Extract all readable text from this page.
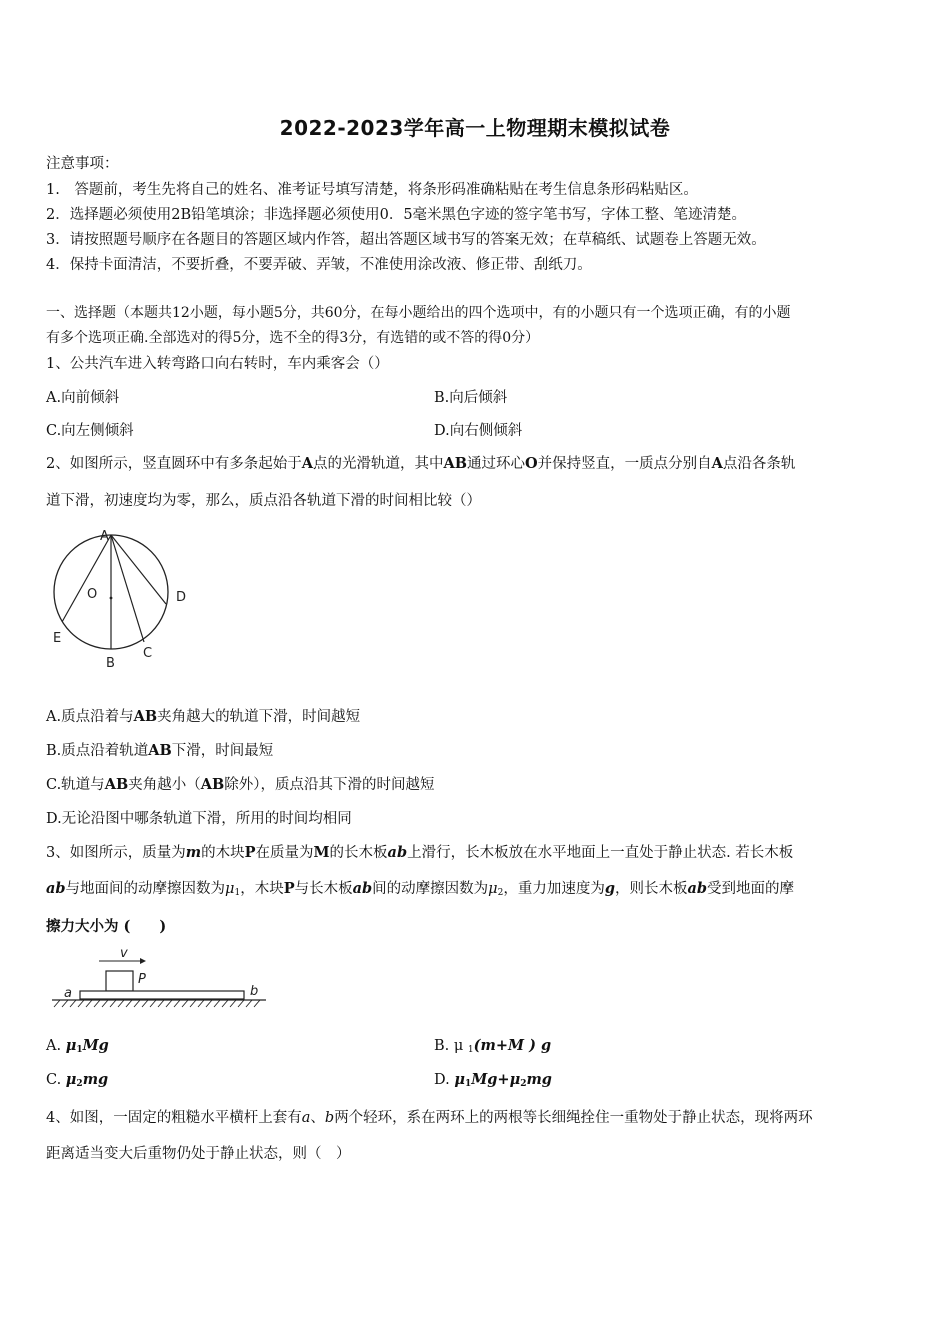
2022-2023学年高一上物理期末模拟试卷
注意事项：
1.　答题前，考生先将自己的姓名、准考证号填写清楚，将条形码准确粘贴在考生信息条形码粘贴区。
2．选择题必须使用2B铅笔填涂；非选择题必须使用0．5毫米黑色字迹的签字笔书写，字体工整、笔迹清楚。
3．请按照题号顺序在各题目的答题区域内作答，超出答题区域书写的答案无效；在草稿纸、试题卷上答题无效。
4．保持卡面清洁，不要折叠，不要弄破、弄皱，不准使用涂改液、修正带、刮纸刀。
一、选择题（本题共12小题，每小题5分，共60分，在每小题给出的四个选项中，有的小题只有一个选项正确，有的小题
有多个选项正确.全部选对的得5分，选不全的得3分，有选错的或不答的得0分）
1、公共汽车进入转弯路口向右转时，车内乘客会（）
A.向前倾斜	B.向后倾斜
C.向左侧倾斜	D.向右侧倾斜
2、如图所示，竖直圆环中有多条起始于A点的光滑轨道，其中AB通过环心O并保持竖直，一质点分别自A点沿各条轨
道下滑，初速度均为零，那么，质点沿各轨道下滑的时间相比较（）
A
O	D
E
B
C
A.质点沿着与AB夹角越大的轨道下滑，时间越短
B.质点沿着轨道AB下滑，时间最短
C.轨道与AB夹角越小（AB除外），质点沿其下滑的时间越短
D.无论沿图中哪条轨道下滑，所用的时间均相同
3、如图所示，质量为m的木块P在质量为M的长木板ab上滑行，长木板放在水平地面上一直处于静止状态. 若长木板
ab与地面间的动摩擦因数为$\mu_1$，木块P与长木板ab间的动摩擦因数为$\mu_2$，重力加速度为g，则长木板ab受到地面的摩
擦力大小为 (　　)
v
P
a	b
A. $\mu_1Mg$	B. μ $_1$(m+M ) g
C. $\mu_2mg$	D. $\mu_1Mg+\mu_2mg$
4、如图，一固定的粗糙水平横杆上套有a、b两个轻环，系在两环上的两根等长细绳拴住一重物处于静止状态，现将两环
距离适当变大后重物仍处于静止状态，则（　）
